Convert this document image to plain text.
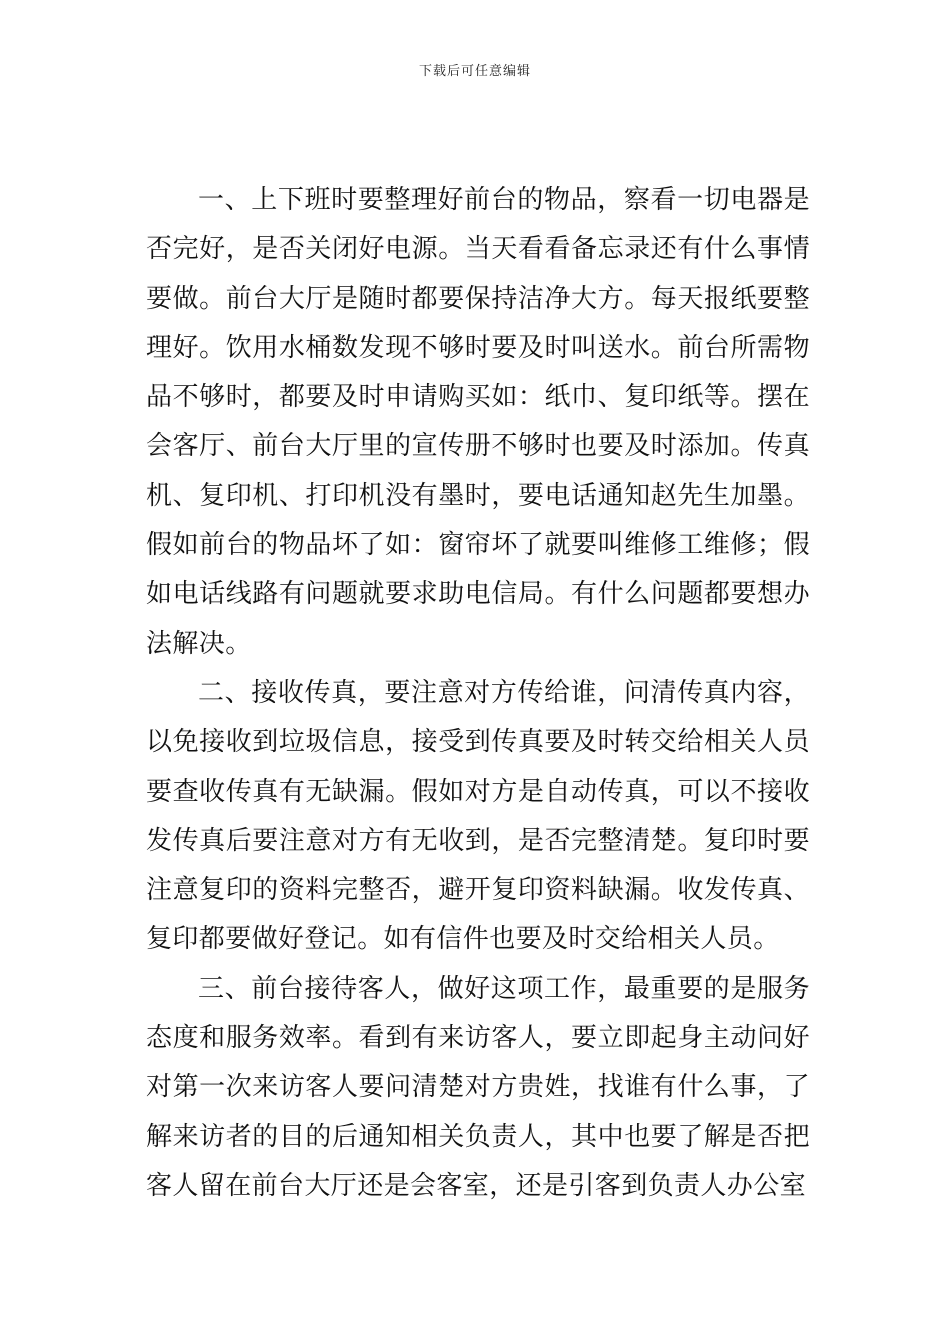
下载后可任意编辑

一、上下班时要整理好前台的物品，察看一切电器是否完好，是否关闭好电源。当天看看备忘录还有什么事情要做。前台大厅是随时都要保持洁净大方。每天报纸要整理好。饮用水桶数发现不够时要及时叫送水。前台所需物品不够时，都要及时申请购买如：纸巾、复印纸等。摆在会客厅、前台大厅里的宣传册不够时也要及时添加。传真机、复印机、打印机没有墨时，要电话通知赵先生加墨。假如前台的物品坏了如：窗帘坏了就要叫维修工维修；假如电话线路有问题就要求助电信局。有什么问题都要想办法解决。

二、接收传真，要注意对方传给谁，问清传真内容，以免接收到垃圾信息，接受到传真要及时转交给相关人员要查收传真有无缺漏。假如对方是自动传真，可以不接收发传真后要注意对方有无收到，是否完整清楚。复印时要注意复印的资料完整否，避开复印资料缺漏。收发传真、复印都要做好登记。如有信件也要及时交给相关人员。

三、前台接待客人，做好这项工作，最重要的是服务态度和服务效率。看到有来访客人，要立即起身主动问好对第一次来访客人要问清楚对方贵姓，找谁有什么事，了解来访者的目的后通知相关负责人，其中也要了解是否把客人留在前台大厅还是会客室，还是引客到负责人办公室
